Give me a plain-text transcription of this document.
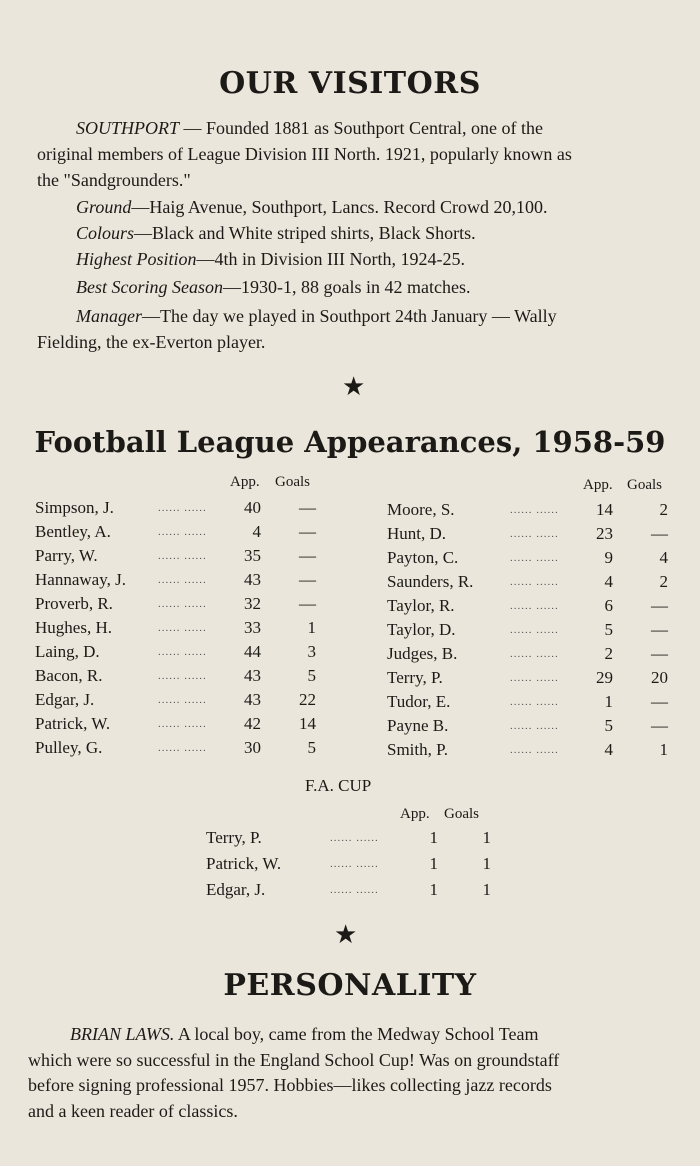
OUR VISITORS
SOUTHPORT — Founded 1881 as Southport Central, one of the
original members of League Division III North. 1921, popularly known as
the "Sandgrounders."
Ground—Haig Avenue, Southport, Lancs. Record Crowd 20,100.
Colours—Black and White striped shirts, Black Shorts.
Highest Position—4th in Division III North, 1924-25.
Best Scoring Season—1930-1, 88 goals in 42 matches.
Manager—The day we played in Southport 24th January — Wally
Fielding, the ex-Everton player.
★
Football League Appearances, 1958-59
App. Goals	App. Goals
Simpson, J.	...... ......	40	—
Bentley, A.	...... ......	4	—
Parry, W.	...... ......	35	—
Hannaway, J.	...... ......	43	—
Proverb, R.	...... ......	32	—
Hughes, H.	...... ......	33	1
Laing, D.	...... ......	44	3
Bacon, R.	...... ......	43	5
Edgar, J.	...... ......	43	22
Patrick, W.	...... ......	42	14
Pulley, G.	...... ......	30	5
Moore, S.	...... ......	14	2
Hunt, D.	...... ......	23	—
Payton, C.	...... ......	9	4
Saunders, R.	...... ......	4	2
Taylor, R.	...... ......	6	—
Taylor, D.	...... ......	5	—
Judges, B.	...... ......	2	—
Terry, P.	...... ......	29	20
Tudor, E.	...... ......	1	—
Payne B.	...... ......	5	—
Smith, P.	...... ......	4	1
F.A. CUP
App. Goals
Terry, P.	...... ......	1	1
Patrick, W.	...... ......	1	1
Edgar, J.	...... ......	1	1
★
PERSONALITY
BRIAN LAWS. A local boy, came from the Medway School Team
which were so successful in the England School Cup! Was on groundstaff
before signing professional 1957. Hobbies—likes collecting jazz records
and a keen reader of classics.
